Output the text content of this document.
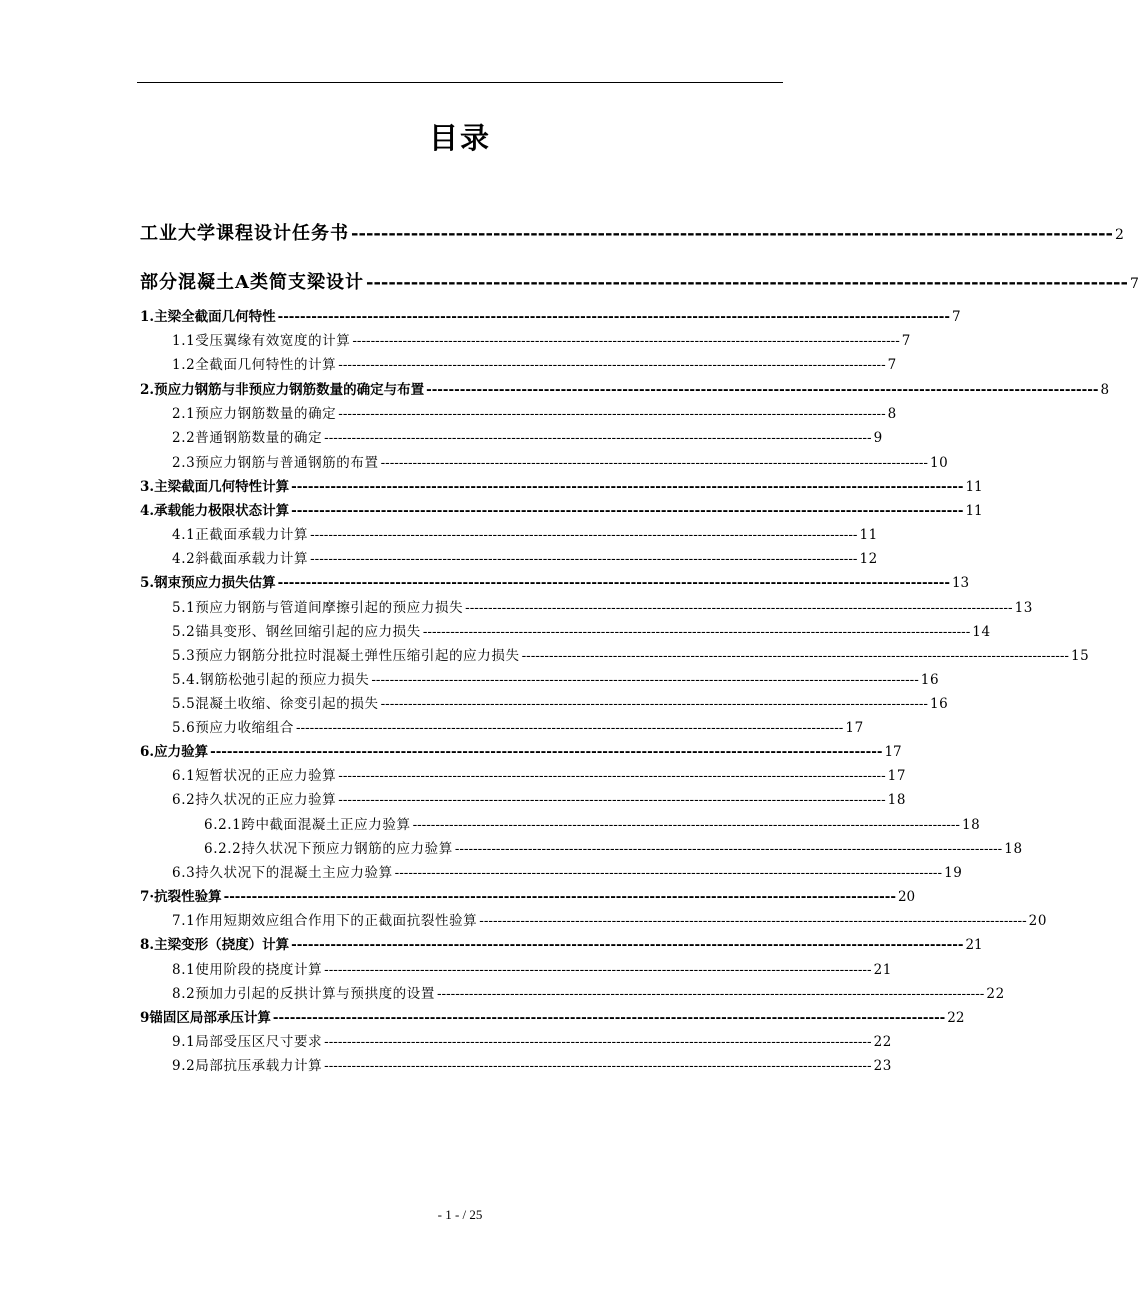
目录
工业大学课程设计任务书 ------------------------------------------------------------------------------------------------------ 2
部分混凝土A类简支梁设计 ------------------------------------------------------------------------------------------------------ 7
1.主梁全截面几何特性 ------------------------------------------------------------------------------------------------------------------------ 7
1.1受压翼缘有效宽度的计算 ------------------------------------------------------------------------------------------------------------------------ 7
1.2全截面几何特性的计算 ------------------------------------------------------------------------------------------------------------------------ 7
2.预应力钢筋与非预应力钢筋数量的确定与布置 ------------------------------------------------------------------------------------------------------------------------ 8
2.1预应力钢筋数量的确定 ------------------------------------------------------------------------------------------------------------------------ 8
2.2普通钢筋数量的确定 ------------------------------------------------------------------------------------------------------------------------ 9
2.3预应力钢筋与普通钢筋的布置 ------------------------------------------------------------------------------------------------------------------------ 10
3.主梁截面几何特性计算 ------------------------------------------------------------------------------------------------------------------------ 11
4.承载能力极限状态计算 ------------------------------------------------------------------------------------------------------------------------ 11
4.1正截面承载力计算 ------------------------------------------------------------------------------------------------------------------------ 11
4.2斜截面承载力计算 ------------------------------------------------------------------------------------------------------------------------ 12
5.钢束预应力损失估算 ------------------------------------------------------------------------------------------------------------------------ 13
5.1预应力钢筋与管道间摩擦引起的预应力损失 ------------------------------------------------------------------------------------------------------------------------ 13
5.2锚具变形、钢丝回缩引起的应力损失 ------------------------------------------------------------------------------------------------------------------------ 14
5.3预应力钢筋分批拉时混凝土弹性压缩引起的应力损失 ------------------------------------------------------------------------------------------------------------------------ 15
5.4.钢筋松弛引起的预应力损失 ------------------------------------------------------------------------------------------------------------------------ 16
5.5混凝土收缩、徐变引起的损失 ------------------------------------------------------------------------------------------------------------------------ 16
5.6预应力收缩组合 ------------------------------------------------------------------------------------------------------------------------ 17
6.应力验算 ------------------------------------------------------------------------------------------------------------------------ 17
6.1短暂状况的正应力验算 ------------------------------------------------------------------------------------------------------------------------ 17
6.2持久状况的正应力验算 ------------------------------------------------------------------------------------------------------------------------ 18
6.2.1跨中截面混凝土正应力验算 ------------------------------------------------------------------------------------------------------------------------ 18
6.2.2持久状况下预应力钢筋的应力验算 ------------------------------------------------------------------------------------------------------------------------ 18
6.3持久状况下的混凝土主应力验算 ------------------------------------------------------------------------------------------------------------------------ 19
7·抗裂性验算 ------------------------------------------------------------------------------------------------------------------------ 20
7.1作用短期效应组合作用下的正截面抗裂性验算 ------------------------------------------------------------------------------------------------------------------------ 20
8.主梁变形（挠度）计算 ------------------------------------------------------------------------------------------------------------------------ 21
8.1使用阶段的挠度计算 ------------------------------------------------------------------------------------------------------------------------ 21
8.2预加力引起的反拱计算与预拱度的设置 ------------------------------------------------------------------------------------------------------------------------ 22
9锚固区局部承压计算 ------------------------------------------------------------------------------------------------------------------------ 22
9.1局部受压区尺寸要求 ------------------------------------------------------------------------------------------------------------------------ 22
9.2局部抗压承载力计算 ------------------------------------------------------------------------------------------------------------------------ 23
- 1 - / 25
